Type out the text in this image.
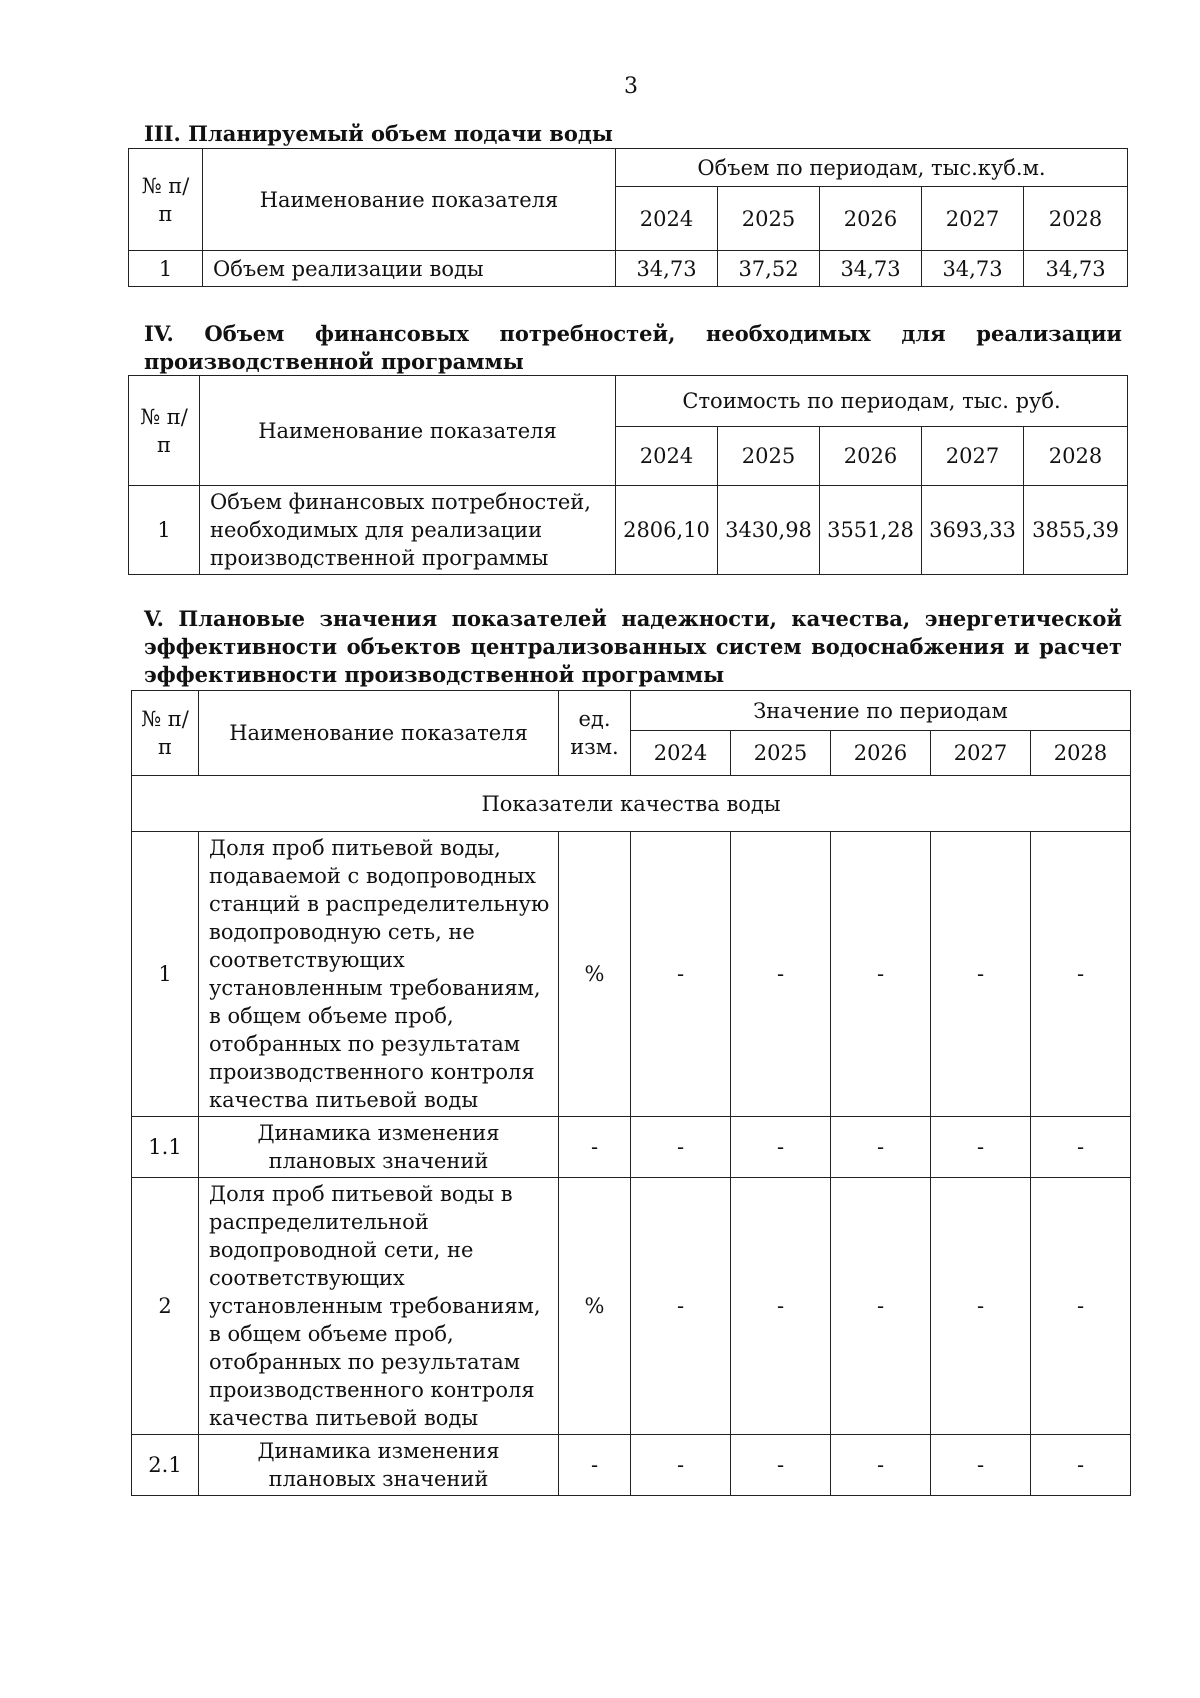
3

III. Планируемый объем подачи воды

№ п/п	Наименование показателя	Объем по периодам, тыс.куб.м.				
		2024	2025	2026	2027	2028
1	Объем реализации воды	34,73	37,52	34,73	34,73	34,73

IV. Объем финансовых потребностей, необходимых для реализации производственной программы

№ п/п	Наименование показателя	Стоимость по периодам, тыс. руб.				
		2024	2025	2026	2027	2028
1	Объем финансовых потребностей, необходимых для реализации производственной программы	2806,10	3430,98	3551,28	3693,33	3855,39

V. Плановые значения показателей надежности, качества, энергетической эффективности объектов централизованных систем водоснабжения и расчет эффективности производственной программы

№ п/п	Наименование показателя	ед. изм.	Значение по периодам				
			2024	2025	2026	2027	2028
Показатели качества воды							
1	Доля проб питьевой воды, подаваемой с водопроводных станций в распределительную водопроводную сеть, не соответствующих установленным требованиям, в общем объеме проб, отобранных по результатам производственного контроля качества питьевой воды	%	-	-	-	-	-
1.1	Динамика изменения плановых значений	-	-	-	-	-	-
2	Доля проб питьевой воды в распределительной водопроводной сети, не соответствующих установленным требованиям, в общем объеме проб, отобранных по результатам производственного контроля качества питьевой воды	%	-	-	-	-	-
2.1	Динамика изменения плановых значений	-	-	-	-	-	-
